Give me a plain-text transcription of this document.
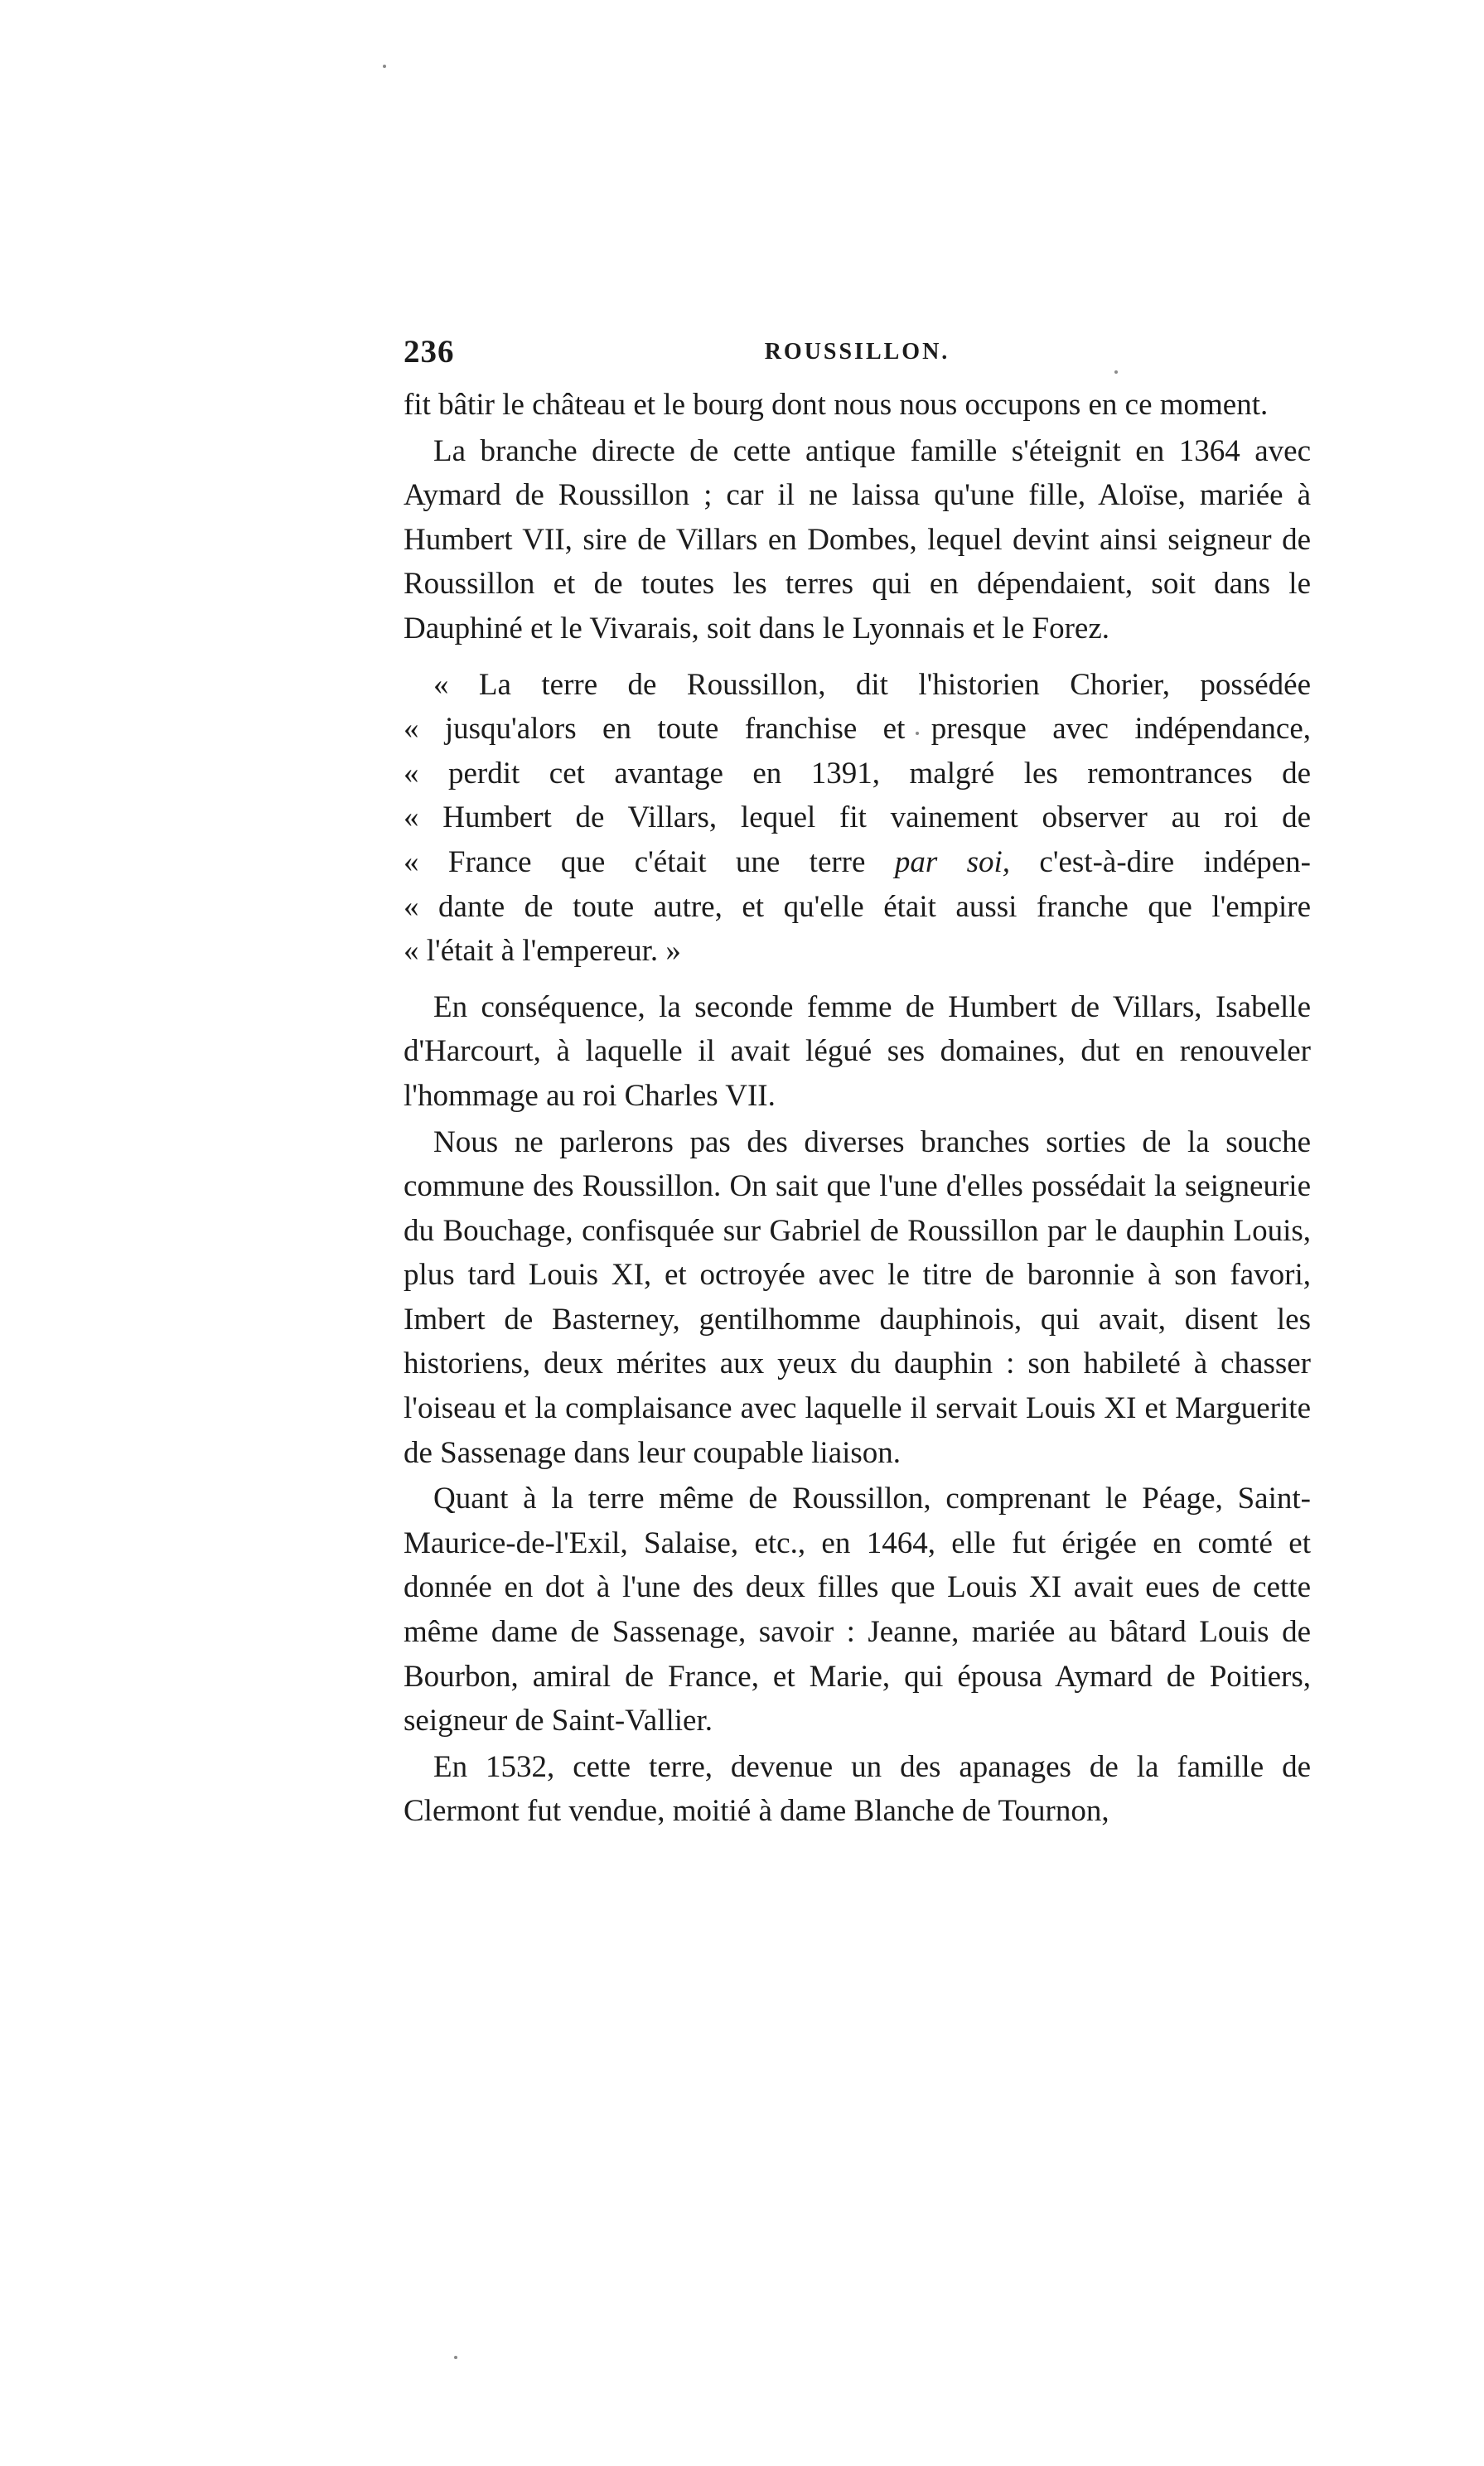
236	ROUSSILLON.

fit bâtir le château et le bourg dont nous nous occupons en ce moment.

La branche directe de cette antique famille s'éteignit en 1364 avec Aymard de Roussillon ; car il ne laissa qu'une fille, Aloïse, mariée à Humbert VII, sire de Villars en Dombes, lequel devint ainsi seigneur de Roussillon et de toutes les terres qui en dépendaient, soit dans le Dauphiné et le Vivarais, soit dans le Lyonnais et le Forez.

« La terre de Roussillon, dit l'historien Chorier, possédée
« jusqu'alors en toute franchise et presque avec indépendance,
« perdit cet avantage en 1391, malgré les remontrances de
« Humbert de Villars, lequel fit vainement observer au roi de
« France que c'était une terre par soi, c'est-à-dire indépen-
« dante de toute autre, et qu'elle était aussi franche que l'empire
« l'était à l'empereur. »

En conséquence, la seconde femme de Humbert de Villars, Isabelle d'Harcourt, à laquelle il avait légué ses domaines, dut en renouveler l'hommage au roi Charles VII.

Nous ne parlerons pas des diverses branches sorties de la souche commune des Roussillon. On sait que l'une d'elles possédait la seigneurie du Bouchage, confisquée sur Gabriel de Roussillon par le dauphin Louis, plus tard Louis XI, et octroyée avec le titre de baronnie à son favori, Imbert de Basterney, gentilhomme dauphinois, qui avait, disent les historiens, deux mérites aux yeux du dauphin : son habileté à chasser l'oiseau et la complaisance avec laquelle il servait Louis XI et Marguerite de Sassenage dans leur coupable liaison.

Quant à la terre même de Roussillon, comprenant le Péage, Saint-Maurice-de-l'Exil, Salaise, etc., en 1464, elle fut érigée en comté et donnée en dot à l'une des deux filles que Louis XI avait eues de cette même dame de Sassenage, savoir : Jeanne, mariée au bâtard Louis de Bourbon, amiral de France, et Marie, qui épousa Aymard de Poitiers, seigneur de Saint-Vallier.

En 1532, cette terre, devenue un des apanages de la famille de Clermont fut vendue, moitié à dame Blanche de Tournon,
